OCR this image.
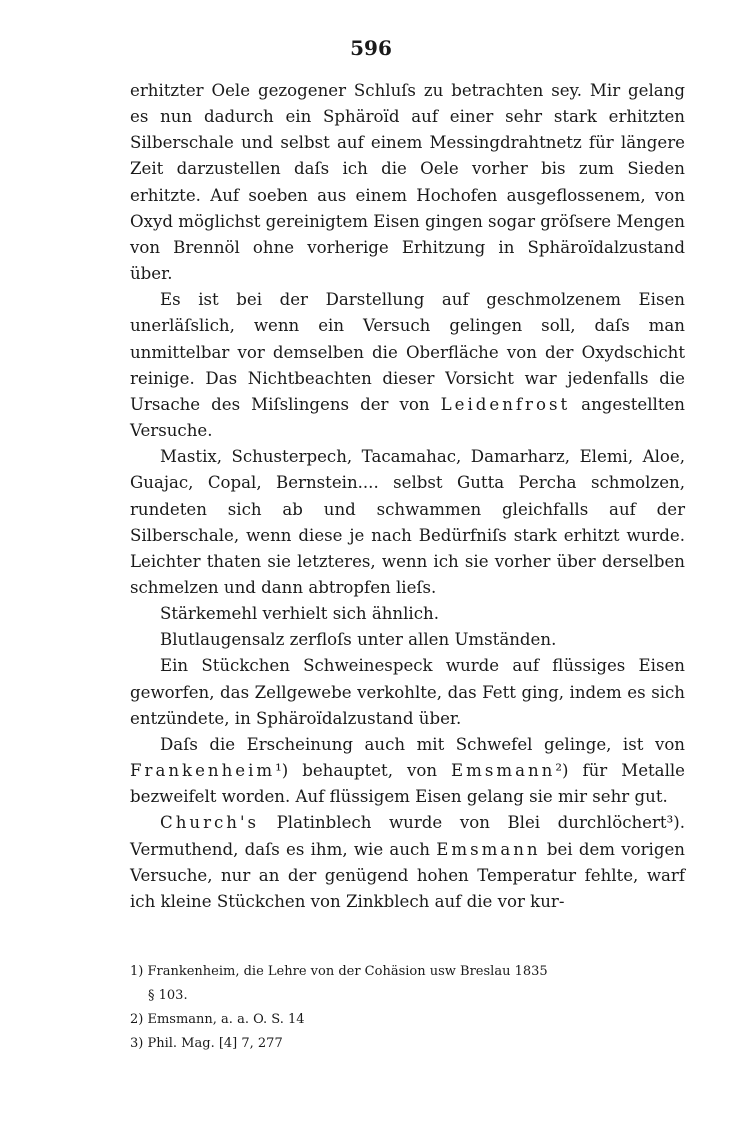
596

erhitzter Oele gezogener Schluſs zu betrachten sey. Mir gelang es nun dadurch ein Sphäroïd auf einer sehr stark erhitzten Silberschale und selbst auf einem Messingdrahtnetz für längere Zeit darzustellen daſs ich die Oele vorher bis zum Sieden erhitzte. Auf soeben aus einem Hochofen ausgeflossenem, von Oxyd möglichst gereinigtem Eisen gingen sogar gröſsere Mengen von Brennöl ohne vorherige Erhitzung in Sphäroïdalzustand über.

Es ist bei der Darstellung auf geschmolzenem Eisen unerläſslich, wenn ein Versuch gelingen soll, daſs man unmittelbar vor demselben die Oberfläche von der Oxydschicht reinige. Das Nichtbeachten dieser Vorsicht war jedenfalls die Ursache des Miſslingens der von Leidenfrost angestellten Versuche.

Mastix, Schusterpech, Tacamahac, Damarharz, Elemi, Aloe, Guajac, Copal, Bernstein.... selbst Gutta Percha schmolzen, rundeten sich ab und schwammen gleichfalls auf der Silberschale, wenn diese je nach Bedürfniſs stark erhitzt wurde. Leichter thaten sie letzteres, wenn ich sie vorher über derselben schmelzen und dann abtropfen lieſs.

Stärkemehl verhielt sich ähnlich.

Blutlaugensalz zerfloſs unter allen Umständen.

Ein Stückchen Schweinespeck wurde auf flüssiges Eisen geworfen, das Zellgewebe verkohlte, das Fett ging, indem es sich entzündete, in Sphäroïdalzustand über.

Daſs die Erscheinung auch mit Schwefel gelinge, ist von Frankenheim¹) behauptet, von Emsmann²) für Metalle bezweifelt worden. Auf flüssigem Eisen gelang sie mir sehr gut.

Church's Platinblech wurde von Blei durchlöchert³). Vermuthend, daſs es ihm, wie auch Emsmann bei dem vorigen Versuche, nur an der genügend hohen Temperatur fehlte, warf ich kleine Stückchen von Zinkblech auf die vor kur-

1) Frankenheim, die Lehre von der Cohäsion usw Breslau 1835

§ 103.

2) Emsmann, a. a. O. S. 14

3) Phil. Mag. [4] 7, 277
